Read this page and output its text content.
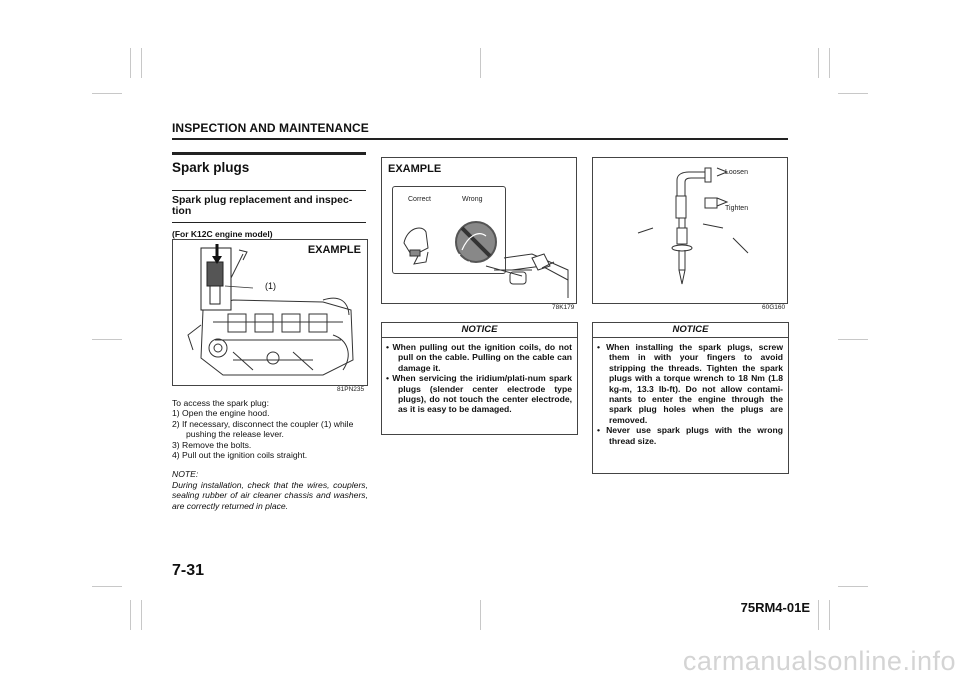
INSPECTION AND MAINTENANCE
Spark plugs
Spark plug replacement and inspec-tion
(For K12C engine model)
EXAMPLE
(1)
81PN235

To access the spark plug:

1) Open the engine hood.

2) If necessary, disconnect the coupler (1) while pushing the release lever.

3) Remove the bolts.

4) Pull out the ignition coils straight.

NOTE:
During installation, check that the wires, couplers, sealing rubber of air cleaner chassis and washers, are correctly returned in place.

EXAMPLE
Correct	Wrong
78K179
NOTICE
• When pulling out the ignition coils, do not pull on the cable. Pulling on the cable can damage it.
• When servicing the iridium/plati-num spark plugs (slender center electrode type plugs), do not touch the center electrode, as it is easy to be damaged.
Loosen
Tighten
60G160
NOTICE
• When installing the spark plugs, screw them in with your fingers to avoid stripping the threads. Tighten the spark plugs with a torque wrench to 18 Nm (1.8 kg-m, 13.3 lb-ft). Do not allow contami-nants to enter the engine through the spark plug holes when the plugs are removed.
• Never use spark plugs with the wrong thread size.
7-31
75RM4-01E
carmanualsonline.info
